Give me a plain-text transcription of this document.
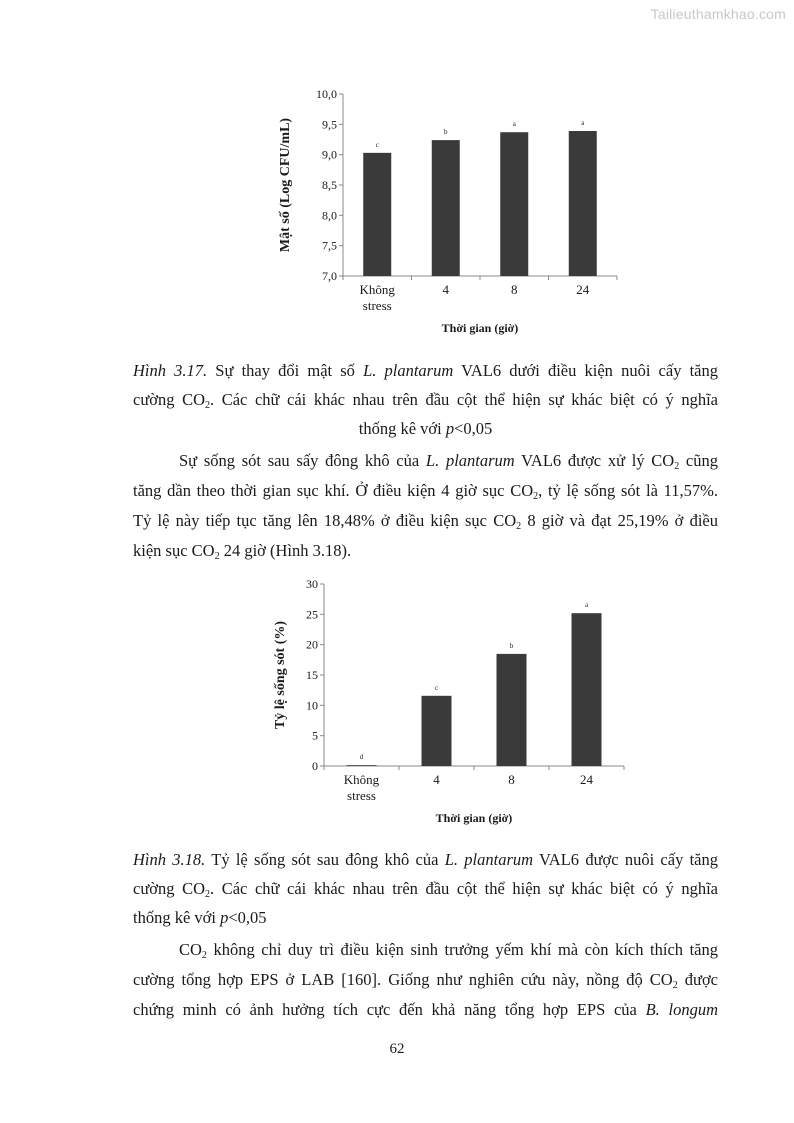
Tailieuthamkhao.com
7,0
7,5
8,0
8,5
9,0
9,5
10,0
c
Không
stress
b
4
a
8
a
24
Thời gian (giờ)
Mật số (Log CFU/mL)
Hình 3.17. Sự thay đổi mật số L. plantarum VAL6 dưới điều kiện nuôi cấy tăng
cường $CO_2$. Các chữ cái khác nhau trên đầu cột thể hiện sự khác biệt có ý nghĩa
thống kê với p<0,05
Sự sống sót sau sấy đông khô của L. plantarum VAL6 được xử lý $CO_2$ cũng
tăng dần theo thời gian sục khí. Ở điều kiện 4 giờ sục $CO_2$, tỷ lệ sống sót là 11,57%.
Tỷ lệ này tiếp tục tăng lên 18,48% ở điều kiện sục $CO_2$ 8 giờ và đạt 25,19% ở điều
kiện sục $CO_2$ 24 giờ (Hình 3.18).
0
5
10
15
20
25
30
d
Không
stress
c
4
b
8
a
24
Thời gian (giờ)
Tỷ lệ sống sót (%)
Hình 3.18. Tỷ lệ sống sót sau đông khô của L. plantarum VAL6 được nuôi cấy tăng
cường $CO_2$. Các chữ cái khác nhau trên đầu cột thể hiện sự khác biệt có ý nghĩa
thống kê với p<0,05
$CO_2$ không chỉ duy trì điều kiện sinh trưởng yếm khí mà còn kích thích tăng
cường tổng hợp EPS ở LAB [160]. Giống như nghiên cứu này, nồng độ $CO_2$ được
chứng minh có ảnh hưởng tích cực đến khả năng tổng hợp EPS của B. longum
62
